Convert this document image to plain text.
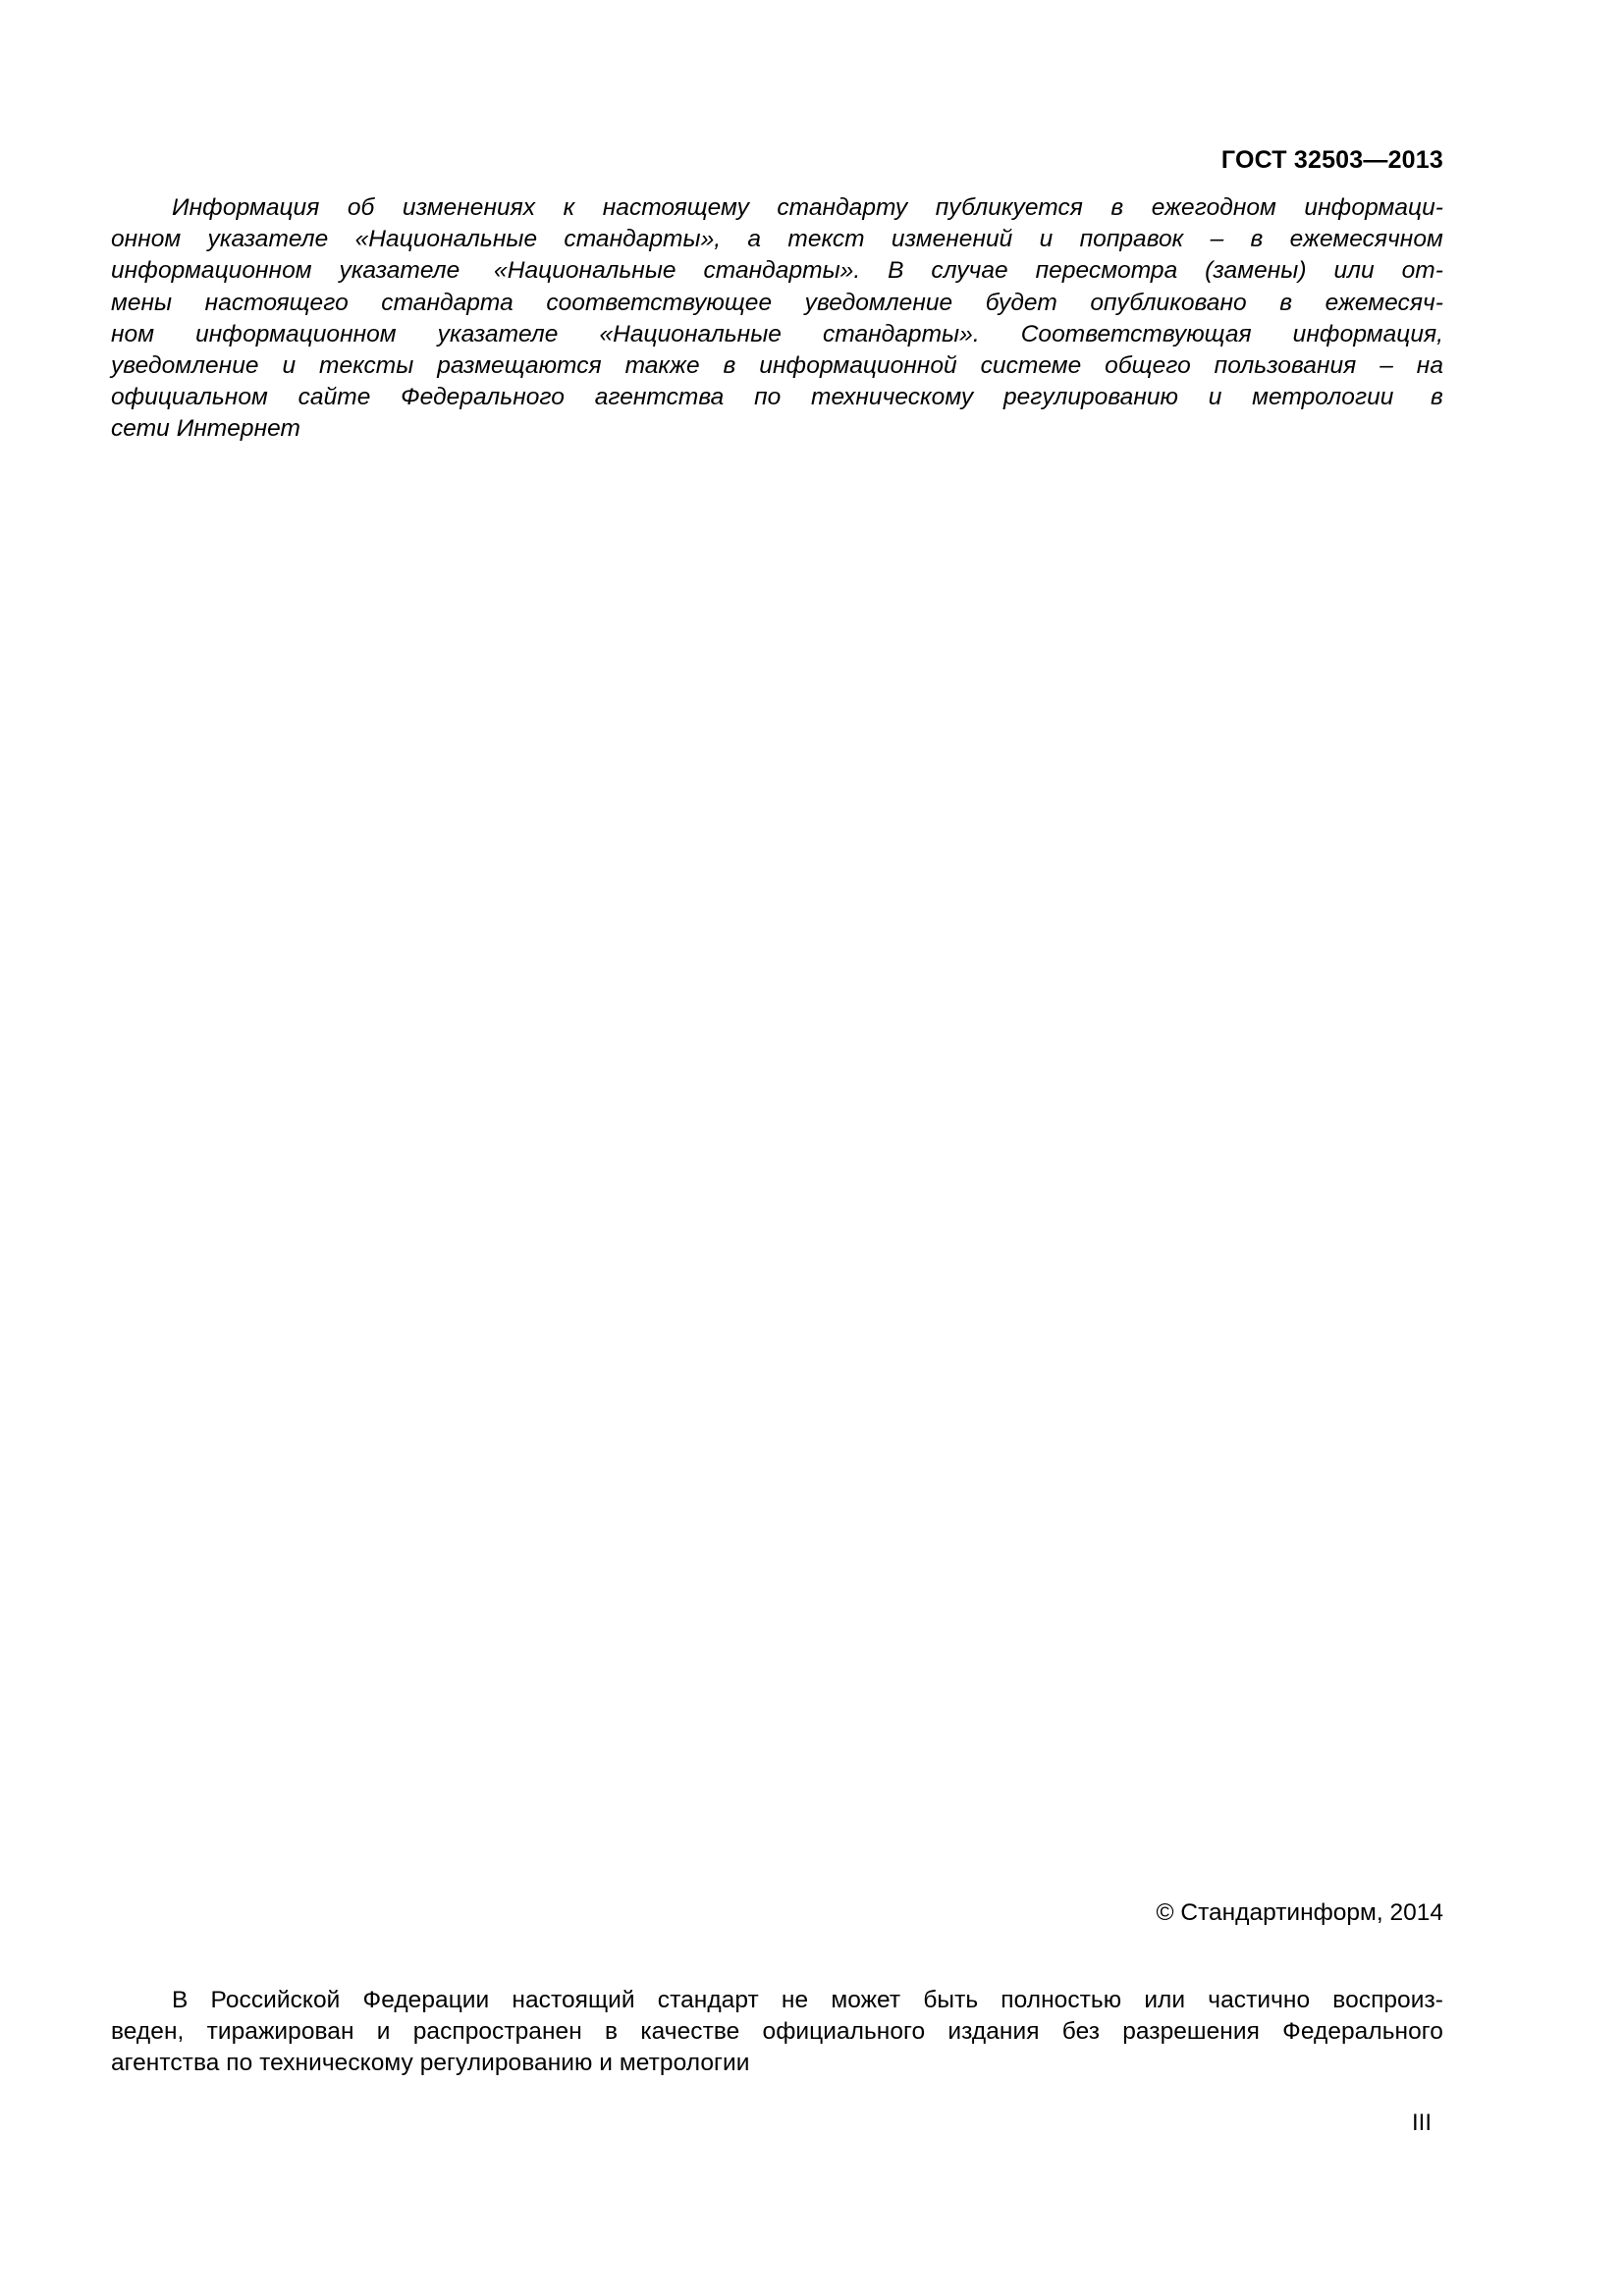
ГОСТ 32503—2013
Информация об изменениях к настоящему стандарту публикуется в ежегодном информаци-
онном указателе «Национальные стандарты», а текст изменений и поправок – в ежемесячном
информационном указателе «Национальные стандарты». В случае пересмотра (замены) или от-
мены настоящего стандарта соответствующее уведомление будет опубликовано в ежемесяч-
ном информационном указателе «Национальные стандарты». Соответствующая информация,
уведомление и тексты размещаются также в информационной системе общего пользования – на
официальном сайте Федерального агентства по техническому регулированию и метрологии в
сети Интернет
© Стандартинформ, 2014
В Российской Федерации настоящий стандарт не может быть полностью или частично воспроиз-
веден, тиражирован и распространен в качестве официального издания без разрешения Федерального
агентства по техническому регулированию и метрологии
III
